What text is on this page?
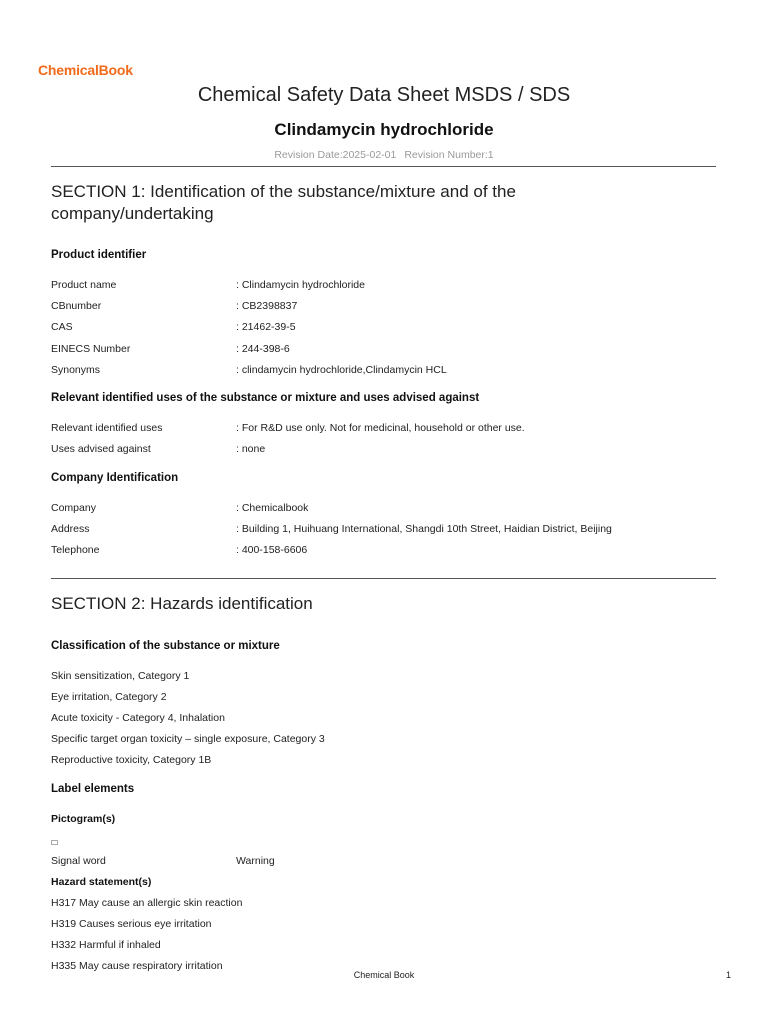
ChemicalBook
Chemical Safety Data Sheet MSDS / SDS
Clindamycin hydrochloride
Revision Date:2025-02-01 Revision Number:1
SECTION 1: Identification of the substance/mixture and of the company/undertaking
Product identifier
Product name	: Clindamycin hydrochloride
CBnumber	: CB2398837
CAS	: 21462-39-5
EINECS Number	: 244-398-6
Synonyms	: clindamycin hydrochloride,Clindamycin HCL
Relevant identified uses of the substance or mixture and uses advised against
Relevant identified uses	: For R&D use only. Not for medicinal, household or other use.
Uses advised against	: none
Company Identification
Company	: Chemicalbook
Address	: Building 1, Huihuang International, Shangdi 10th Street, Haidian District, Beijing
Telephone	: 400-158-6606
SECTION 2: Hazards identification
Classification of the substance or mixture
Skin sensitization, Category 1
Eye irritation, Category 2
Acute toxicity - Category 4, Inhalation
Specific target organ toxicity – single exposure, Category 3
Reproductive toxicity, Category 1B
Label elements
Pictogram(s)
Signal word	Warning
Hazard statement(s)
H317 May cause an allergic skin reaction
H319 Causes serious eye irritation
H332 Harmful if inhaled
H335 May cause respiratory irritation
Chemical Book	1
